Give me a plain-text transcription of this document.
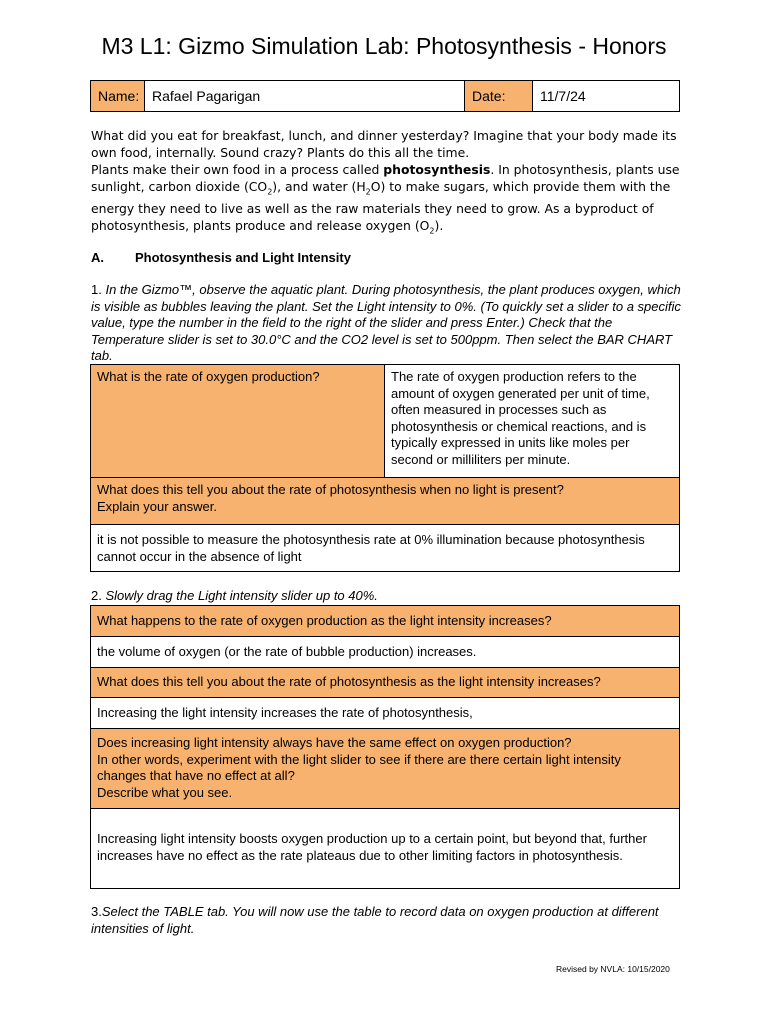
M3 L1: Gizmo Simulation Lab: Photosynthesis - Honors
Name:	Rafael Pagarigan	Date:	11/7/24

What did you eat for breakfast, lunch, and dinner yesterday? Imagine that your body made its own food, internally. Sound crazy? Plants do this all the time.

Plants make their own food in a process called photosynthesis. In photosynthesis, plants use sunlight, carbon dioxide $(CO_2)$, and water $(H_2O)$ to make sugars, which provide them with the energy they need to live as well as the raw materials they need to grow. As a byproduct of photosynthesis, plants produce and release oxygen $(O_2)$.

A. Photosynthesis and Light Intensity
1. In the Gizmo™, observe the aquatic plant. During photosynthesis, the plant produces oxygen, which is visible as bubbles leaving the plant. Set the Light intensity to 0%. (To quickly set a slider to a specific value, type the number in the field to the right of the slider and press Enter.) Check that the Temperature slider is set to 30.0°C and the CO2 level is set to 500ppm. Then select the BAR CHART tab.
What is the rate of oxygen production?	The rate of oxygen production refers to the amount of oxygen generated per unit of time, often measured in processes such as photosynthesis or chemical reactions, and is typically expressed in units like moles per second or milliliters per minute.

What does this tell you about the rate of photosynthesis when no light is present?
Explain your answer.

it is not possible to measure the photosynthesis rate at 0% illumination because photosynthesis cannot occur in the absence of light
2. Slowly drag the Light intensity slider up to 40%.
What happens to the rate of oxygen production as the light intensity increases?
the volume of oxygen (or the rate of bubble production) increases.
What does this tell you about the rate of photosynthesis as the light intensity increases?
Increasing the light intensity increases the rate of photosynthesis,

Does increasing light intensity always have the same effect on oxygen production?
In other words, experiment with the light slider to see if there are there certain light intensity changes that have no effect at all?
Describe what you see.

Increasing light intensity boosts oxygen production up to a certain point, but beyond that, further increases have no effect as the rate plateaus due to other limiting factors in photosynthesis.
3.Select the TABLE tab. You will now use the table to record data on oxygen production at different intensities of light.
Revised by NVLA: 10/15/2020
